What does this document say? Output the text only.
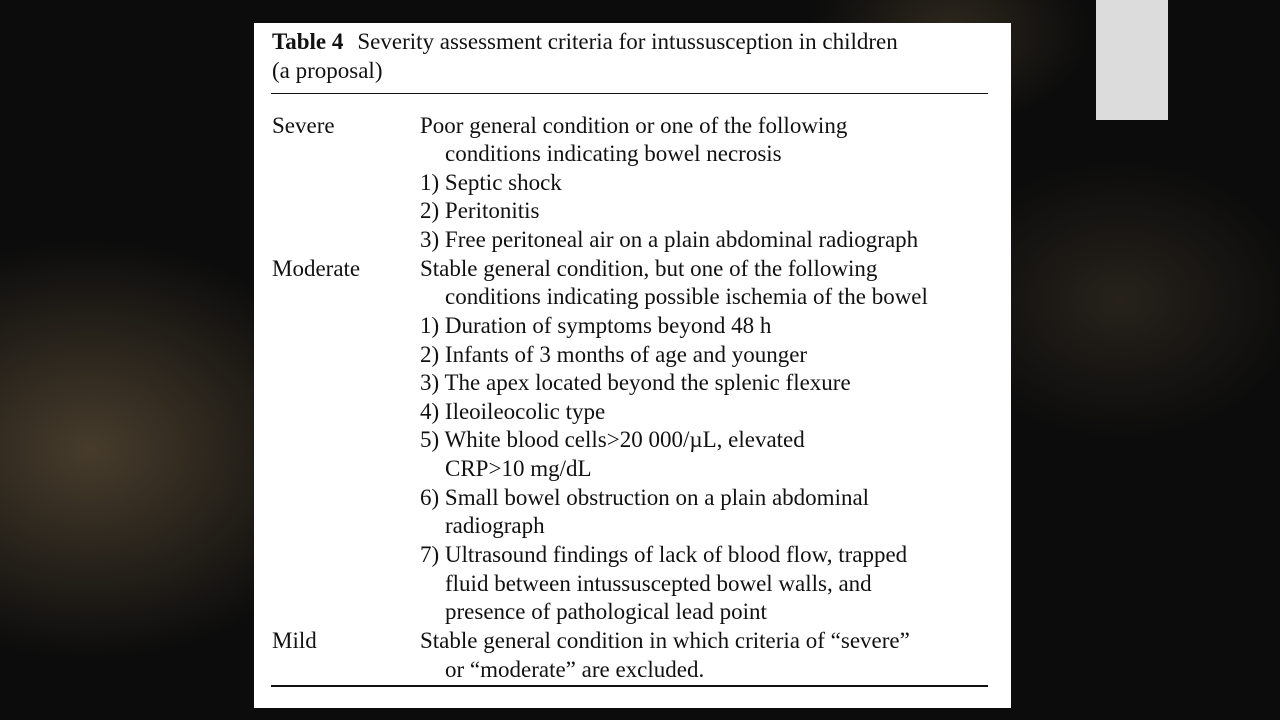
Table 4 Severity assessment criteria for intussusception in children
(a proposal)
Severe	Poor general condition or one of the following
conditions indicating bowel necrosis
1) Septic shock
2) Peritonitis
3) Free peritoneal air on a plain abdominal radiograph
Moderate	Stable general condition, but one of the following
conditions indicating possible ischemia of the bowel
1) Duration of symptoms beyond 48 h
2) Infants of 3 months of age and younger
3) The apex located beyond the splenic flexure
4) Ileoileocolic type
5) White blood cells>20 000/µL, elevated
CRP>10 mg/dL
6) Small bowel obstruction on a plain abdominal
radiograph
7) Ultrasound findings of lack of blood flow, trapped
fluid between intussuscepted bowel walls, and
presence of pathological lead point
Mild	Stable general condition in which criteria of “severe”
or “moderate” are excluded.
